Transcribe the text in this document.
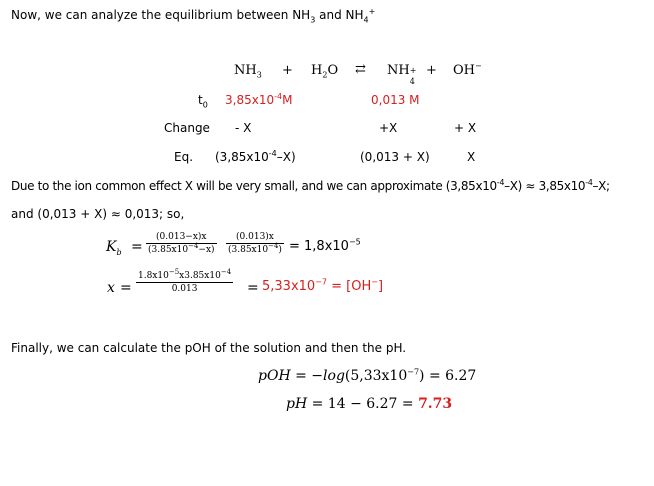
Now, we can analyze the equilibrium between $NH_3$ and $NH_4^+$
$NH_3 + H_2O$ ⇄ NH +
4
+ OH−
$t_0$ $3,85x10^{-4}M$	0,013 M
Change - X	+X	+ X
Eq. $(3,85x10^{-4}-X)$	(0,013 + X)	X
Due to the ion common effect X will be very small, and we can approximate $(3,85x10^{-4}-X) \approx 3,85x10^{-4}-X$;
and (0,013 + X) ≈ 0,013; so,
$K_b = \frac{(0.013-x)x}{(3.85x10^{-4}-x)} \frac{(0.013)x}{(3.85x10^{-4})} = 1,8x10^{-5}$
$x = \frac{1.8x10^{-5}x3.85x10^{-4}}{0.013} = 5,33x10^{-7} = [OH^-]$
Finally, we can calculate the pOH of the solution and then the pH.
pOH = $-\log(5,33x10^{-7}) = 6.27$
pH = 14 − 6.27 = 7.73
